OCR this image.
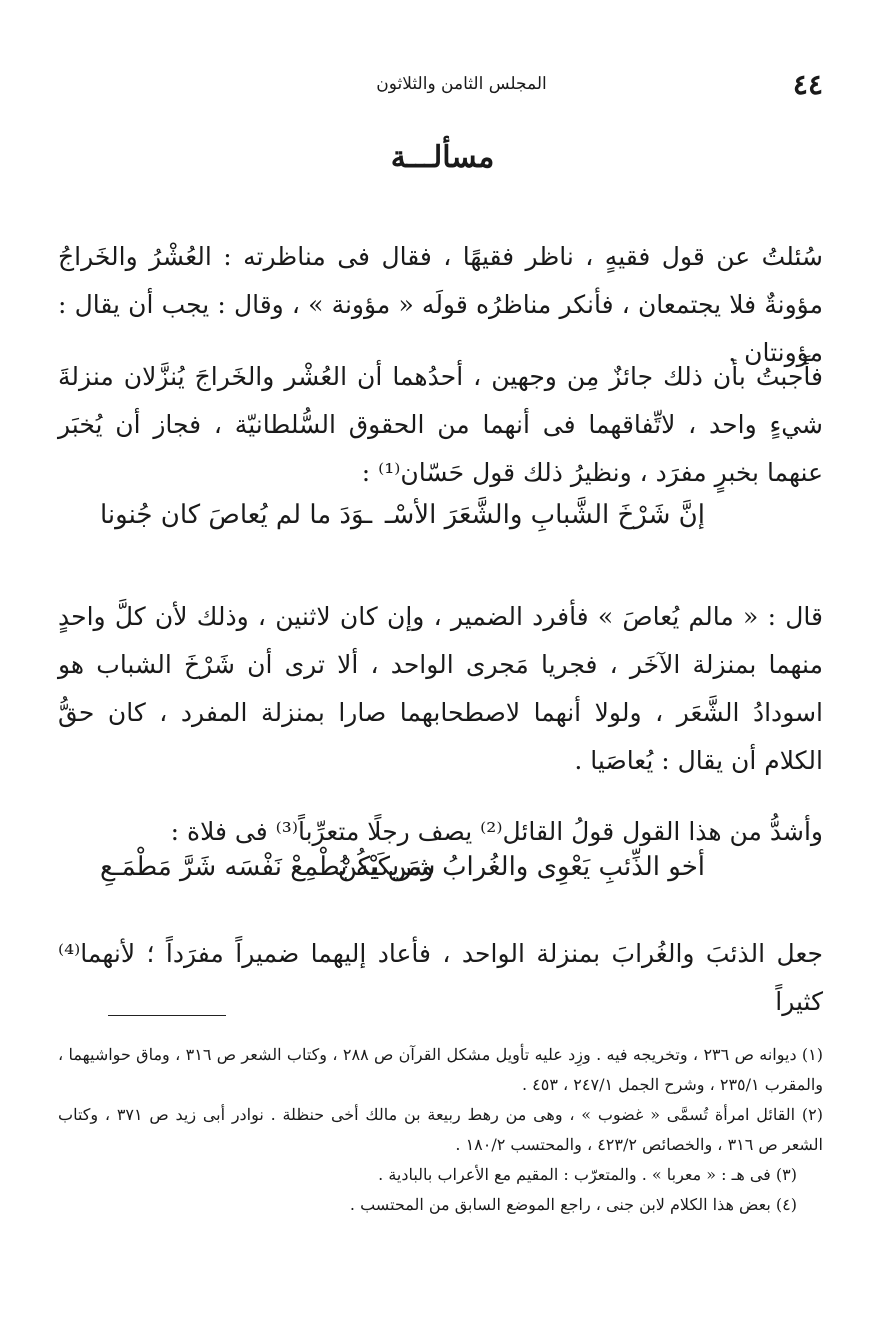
٤٤
المجلس الثامن والثلاثون
مسألـــة

سُئلتُ عن قول فقيهٍ ، ناظر فقيهًا ، فقال فى مناظرته : العُشْرُ والخَراجُ مؤونةٌ فلا يجتمعان ، فأنكر مناظرُه قولَه « مؤونة » ، وقال : يجب أن يقال : مؤونتان .

فأَجبتُ بأن ذلك جائزٌ مِن وجهين ، أحدُهما أن العُشْر والخَراجَ يُنزَّلان منزلةَ شيءٍ واحد ، لاتِّفاقهما فى أنهما من الحقوق السُّلطانيّة ، فجاز أن يُخبَر عنهما بخبرٍ مفرَد ، ونظيرُ ذلك قول حَسّان⁽¹⁾ :

إنَّ شَرْخَ الشَّبابِ والشَّعَرَ الأسْـ
ـوَدَ ما لم يُعاصَ كان جُنونا

قال : « مالم يُعاصَ » فأفرد الضمير ، وإن كان لاثنين ، وذلك لأن كلَّ واحدٍ منهما بمنزلة الآخَر ، فجريا مَجرى الواحد ، ألا ترى أن شَرْخَ الشباب هو اسودادُ الشَّعَر ، ولولا أنهما لاصطحابهما صارا بمنزلة المفرد ، كان حقُّ الكلام أن يقال : يُعاصَيا .

وأشدُّ من هذا القول قولُ القائل⁽²⁾ يصف رجلًا متعرِّباً⁽³⁾ فى فلاة :

أخو الذِّئبِ يَعْوِى والغُرابُ ومَن يكُنْ
شريكَيْه يُطْمِعْ نَفْسَه شَرَّ مَطْمَـعِ

جعل الذئبَ والغُرابَ بمنزلة الواحد ، فأعاد إليهما ضميراً مفرَداً ؛ لأنهما⁽⁴⁾ كثيراً

(١) ديوانه ص ٢٣٦ ، وتخريجه فيه . وزِد عليه تأويل مشكل القرآن ص ٢٨٨ ، وكتاب الشعر ص ٣١٦ ، وماق حواشيهما ، والمقرب ٢٣٥/١ ، وشرح الجمل ٢٤٧/١ ، ٤٥٣ .

(٢) القائل امرأة تُسمَّى « غضوب » ، وهى من رهط ربيعة بن مالك أخى حنظلة . نوادر أبى زيد ص ٣٧١ ، وكتاب الشعر ص ٣١٦ ، والخصائص ٤٢٣/٢ ، والمحتسب ١٨٠/٢ .

(٣) فى هـ : « معربا » . والمتعرّب : المقيم مع الأعراب بالبادية .

(٤) بعض هذا الكلام لابن جنى ، راجع الموضع السابق من المحتسب .
